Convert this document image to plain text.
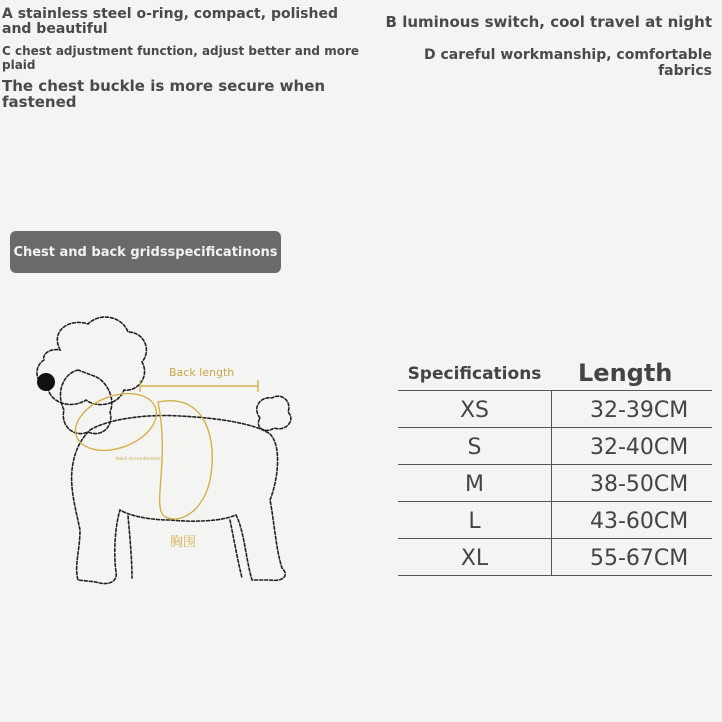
A stainless steel o-ring, compact, polished and beautiful

C chest adjustment function, adjust better and more plaid

The chest buckle is more secure when fastened

B luminous switch, cool travel at night

D careful workmanship, comfortable fabrics

Chest and back gridsspecificatinons
Back length
Neck circumference
胸围
Specifications	Length
XS	32-39CM
S	32-40CM
M	38-50CM
L	43-60CM
XL	55-67CM
